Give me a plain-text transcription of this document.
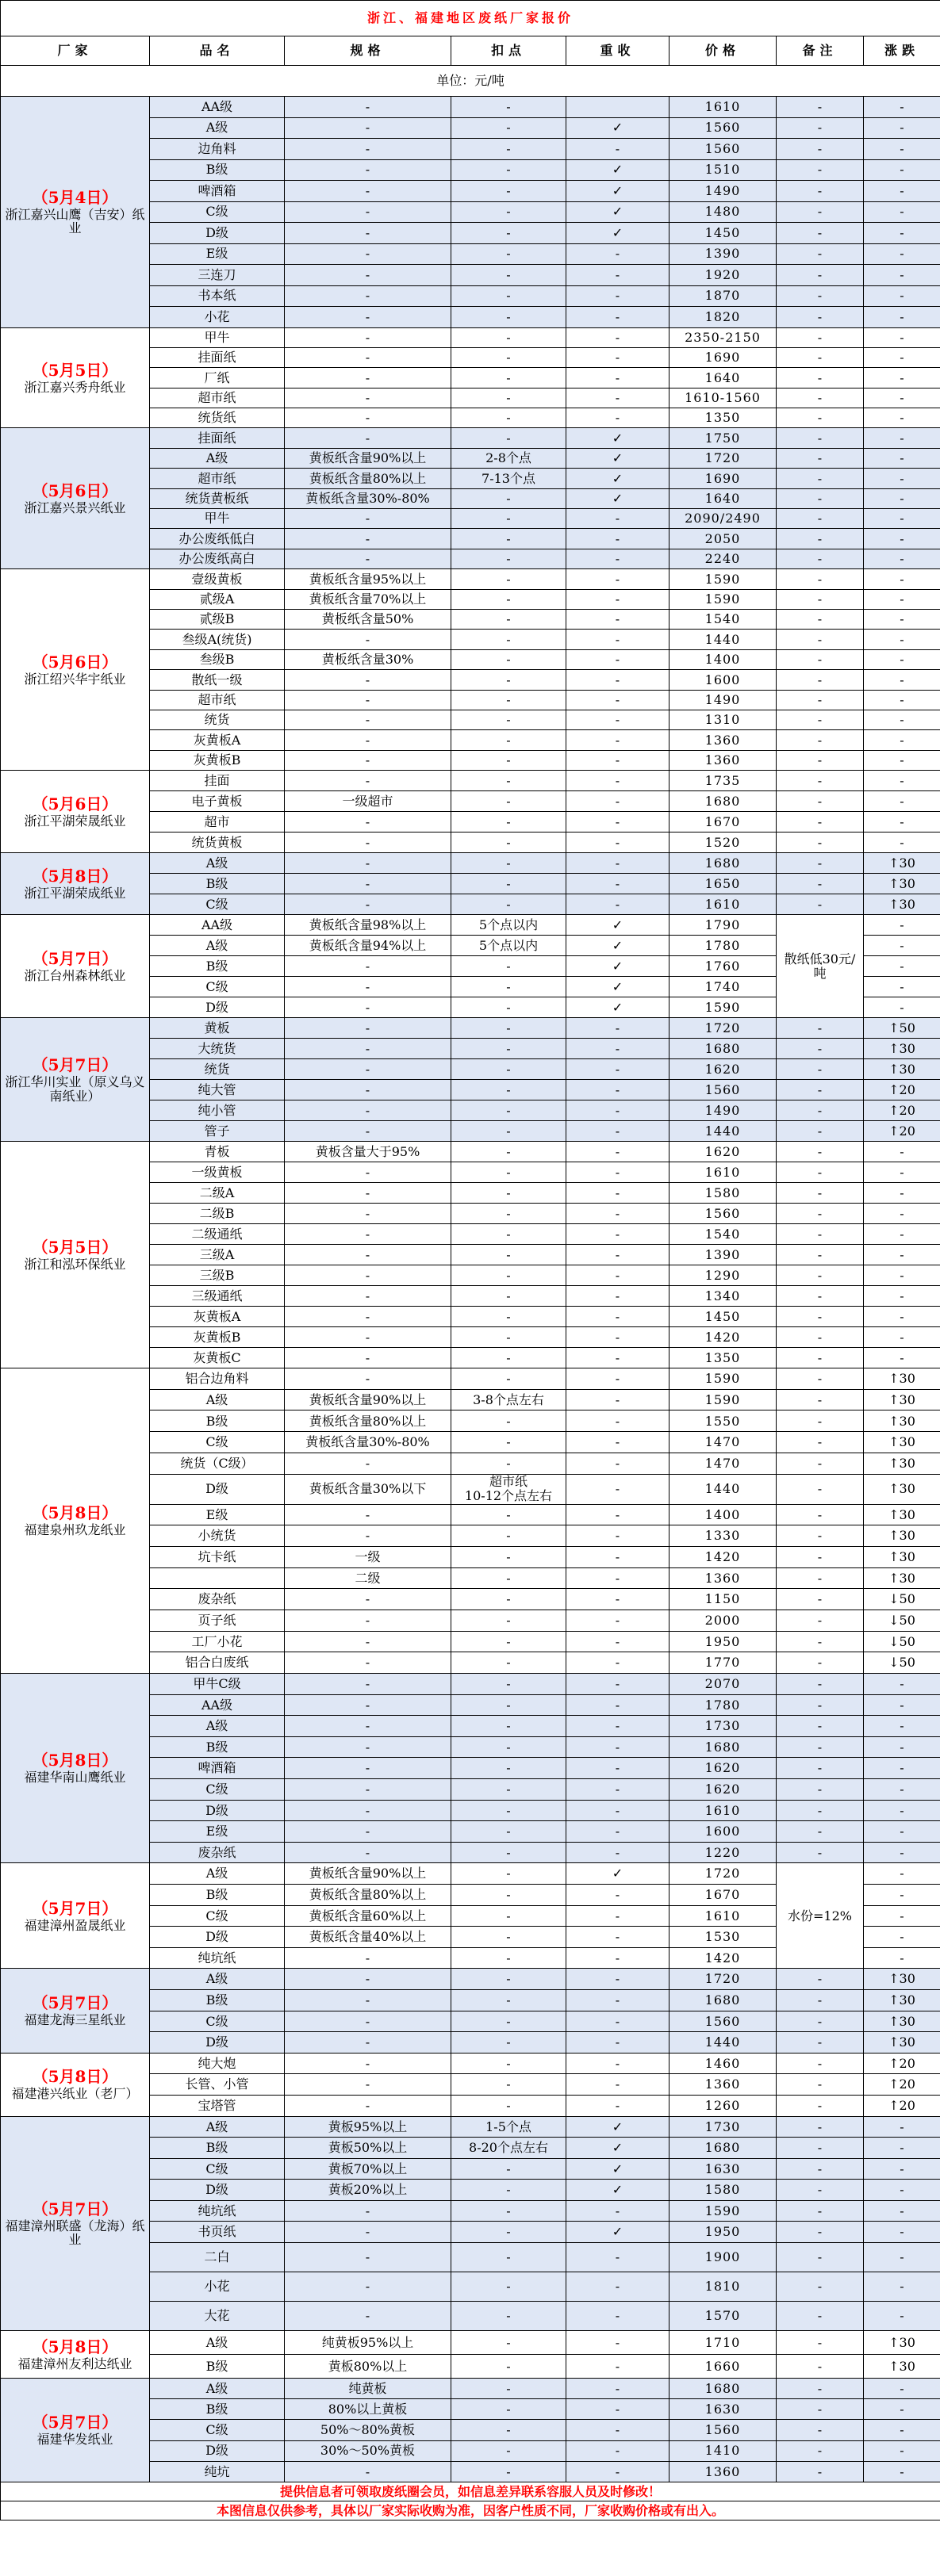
浙江、福建地区废纸厂家报价							
厂家	品名	规格	扣点	重收	价格	备注	涨跌
单位：元/吨							

（5月4日）
浙江嘉兴山鹰（吉安）纸业	AA级	-	-		1610	-	-
	A级	-	-	✓	1560	-	-
	边角料	-	-	-	1560	-	-
	B级	-	-	✓	1510	-	-
	啤酒箱	-	-	✓	1490	-	-
	C级	-	-	✓	1480	-	-
	D级	-	-	✓	1450	-	-
	E级	-	-	-	1390	-	-
	三连刀	-	-	-	1920	-	-
	书本纸	-	-	-	1870	-	-
	小花	-	-	-	1820	-	-

（5月5日）
浙江嘉兴秀舟纸业	甲牛	-	-	-	2350-2150	-	-
	挂面纸	-	-	-	1690	-	-
	厂纸	-	-	-	1640	-	-
	超市纸	-	-	-	1610-1560	-	-
	统货纸	-	-	-	1350	-	-

（5月6日）
浙江嘉兴景兴纸业	挂面纸	-	-	✓	1750	-	-
	A级	黄板纸含量90%以上	2-8个点	✓	1720	-	-
	超市纸	黄板纸含量80%以上	7-13个点	✓	1690	-	-
	统货黄板纸	黄板纸含量30%-80%	-	✓	1640	-	-
	甲牛	-	-	-	2090/2490	-	-
	办公废纸低白	-	-	-	2050	-	-
	办公废纸高白	-	-	-	2240	-	-

（5月6日）
浙江绍兴华宇纸业	壹级黄板	黄板纸含量95%以上	-	-	1590	-	-
	贰级A	黄板纸含量70%以上	-	-	1590	-	-
	贰级B	黄板纸含量50%	-	-	1540	-	-
	叁级A(统货)	-	-	-	1440	-	-
	叁级B	黄板纸含量30%	-	-	1400	-	-
	散纸一级	-	-	-	1600	-	-
	超市纸	-	-	-	1490	-	-
	统货	-	-	-	1310	-	-
	灰黄板A	-	-	-	1360	-	-
	灰黄板B	-	-	-	1360	-	-

（5月6日）
浙江平湖荣晟纸业	挂面	-	-	-	1735	-	-
	电子黄板	一级超市	-	-	1680	-	-
	超市	-	-	-	1670	-	-
	统货黄板	-	-	-	1520	-	-

（5月8日）
浙江平湖荣成纸业	A级	-	-	-	1680	-	↑30
	B级	-	-	-	1650	-	↑30
	C级	-	-	-	1610	-	↑30

（5月7日）
浙江台州森林纸业	AA级	黄板纸含量98%以上	5个点以内	✓	1790	散纸低30元/吨	-
	A级	黄板纸含量94%以上	5个点以内	✓	1780		-
	B级	-	-	✓	1760		-
	C级	-	-	✓	1740		-
	D级	-	-	✓	1590		-

（5月7日）
浙江华川实业（原义乌义南纸业）	黄板	-	-	-	1720	-	↑50
	大统货	-	-	-	1680	-	↑30
	统货	-	-	-	1620	-	↑30
	纯大管	-	-	-	1560	-	↑20
	纯小管	-	-	-	1490	-	↑20
	管子	-	-	-	1440	-	↑20

（5月5日）
浙江和泓环保纸业	青板	黄板含量大于95%	-	-	1620	-	-
	一级黄板	-	-	-	1610	-	-
	二级A	-	-	-	1580	-	-
	二级B	-	-	-	1560	-	-
	二级通纸	-	-	-	1540	-	-
	三级A	-	-	-	1390	-	-
	三级B	-	-	-	1290	-	-
	三级通纸	-	-	-	1340	-	-
	灰黄板A	-	-	-	1450	-	-
	灰黄板B	-	-	-	1420	-	-
	灰黄板C	-	-	-	1350	-	-

（5月8日）
福建泉州玖龙纸业	铝合边角料	-	-	-	1590	-	↑30
	A级	黄板纸含量90%以上	3-8个点左右	-	1590	-	↑30
	B级	黄板纸含量80%以上	-	-	1550	-	↑30
	C级	黄板纸含量30%-80%	-	-	1470	-	↑30
	统货（C级）	-	-	-	1470	-	↑30
	D级	黄板纸含量30%以下	超市纸
10-12个点左右	-	1440	-	↑30
	E级	-	-	-	1400	-	↑30
	小统货	-	-	-	1330	-	↑30
	坑卡纸	一级	-	-	1420	-	↑30
		二级	-	-	1360	-	↑30
	废杂纸	-	-	-	1150	-	↓50
	页子纸	-	-	-	2000	-	↓50
	工厂小花	-	-	-	1950	-	↓50
	铝合白废纸	-	-	-	1770	-	↓50

（5月8日）
福建华南山鹰纸业	甲牛C级	-	-	-	2070	-	-
	AA级	-	-	-	1780	-	-
	A级	-	-	-	1730	-	-
	B级	-	-	-	1680	-	-
	啤酒箱	-	-	-	1620	-	-
	C级	-	-	-	1620	-	-
	D级	-	-	-	1610	-	-
	E级	-	-	-	1600	-	-
	废杂纸	-	-	-	1220	-	-

（5月7日）
福建漳州盈晟纸业	A级	黄板纸含量90%以上	-	✓	1720	水份=12%	-
	B级	黄板纸含量80%以上	-	-	1670		-
	C级	黄板纸含量60%以上	-	-	1610		-
	D级	黄板纸含量40%以上	-	-	1530		-
	纯坑纸	-	-	-	1420		-

（5月7日）
福建龙海三星纸业	A级	-	-	-	1720	-	↑30
	B级	-	-	-	1680	-	↑30
	C级	-	-	-	1560	-	↑30
	D级	-	-	-	1440	-	↑30

（5月8日）
福建港兴纸业（老厂）	纯大炮	-	-	-	1460	-	↑20
	长管、小管	-	-	-	1360	-	↑20
	宝塔管	-	-	-	1260	-	↑20

（5月7日）
福建漳州联盛（龙海）纸业	A级	黄板95%以上	1-5个点	✓	1730	-	-
	B级	黄板50%以上	8-20个点左右	✓	1680	-	-
	C级	黄板70%以上	-	✓	1630	-	-
	D级	黄板20%以上	-	✓	1580	-	-
	纯坑纸	-	-	-	1590	-	-
	书页纸	-	-	✓	1950	-	-
	二白	-	-	-	1900	-	-
	小花	-	-	-	1810	-	-
	大花	-	-	-	1570	-	-

（5月8日）
福建漳州友利达纸业	A级	纯黄板95%以上	-	-	1710	-	↑30
	B级	黄板80%以上	-	-	1660	-	↑30

（5月7日）
福建华发纸业	A级	纯黄板	-	-	1680	-	-
	B级	80%以上黄板	-	-	1630	-	-
	C级	50%～80%黄板	-	-	1560	-	-
	D级	30%～50%黄板	-	-	1410	-	-
	纯坑	-	-	-	1360	-	-
提供信息者可领取废纸圈会员，如信息差异联系容服人员及时修改！							
本图信息仅供参考，具体以厂家实际收购为准，因客户性质不同，厂家收购价格或有出入。							
